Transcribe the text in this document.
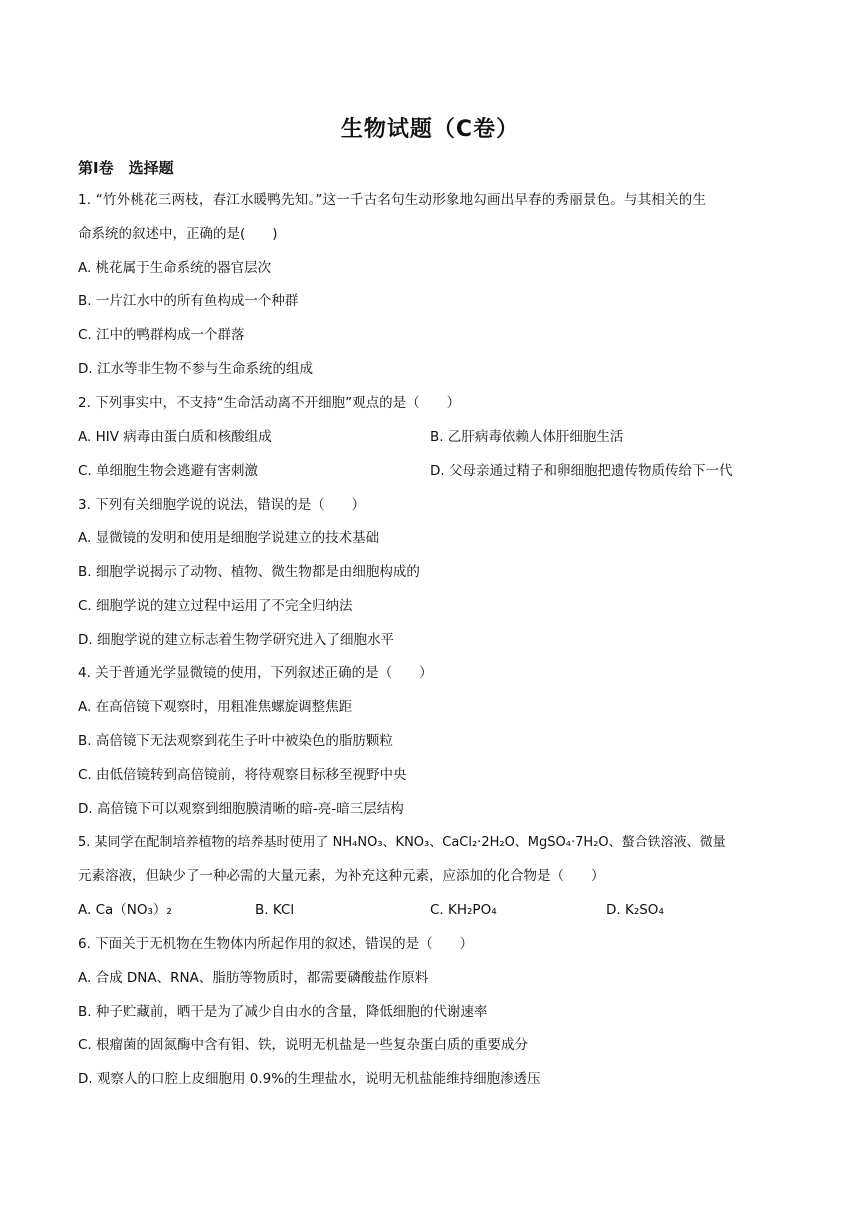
生物试题（C卷）
第Ⅰ卷　选择题
1. “竹外桃花三两枝，春江水暖鸭先知。”这一千古名句生动形象地勾画出早春的秀丽景色。与其相关的生
命系统的叙述中，正确的是(　　)
A. 桃花属于生命系统的器官层次
B. 一片江水中的所有鱼构成一个种群
C. 江中的鸭群构成一个群落
D. 江水等非生物不参与生命系统的组成
2. 下列事实中，不支持“生命活动离不开细胞”观点的是（　　）
A. HIV 病毒由蛋白质和核酸组成	B. 乙肝病毒依赖人体肝细胞生活
C. 单细胞生物会逃避有害刺激	D. 父母亲通过精子和卵细胞把遗传物质传给下一代
3. 下列有关细胞学说的说法，错误的是（　　）
A. 显微镜的发明和使用是细胞学说建立的技术基础
B. 细胞学说揭示了动物、植物、微生物都是由细胞构成的
C. 细胞学说的建立过程中运用了不完全归纳法
D. 细胞学说的建立标志着生物学研究进入了细胞水平
4. 关于普通光学显微镜的使用，下列叙述正确的是（　　）
A. 在高倍镜下观察时，用粗准焦螺旋调整焦距
B. 高倍镜下无法观察到花生子叶中被染色的脂肪颗粒
C. 由低倍镜转到高倍镜前，将待观察目标移至视野中央
D. 高倍镜下可以观察到细胞膜清晰的暗-亮-暗三层结构
5. 某同学在配制培养植物的培养基时使用了 NH₄NO₃、KNO₃、CaCl₂·2H₂O、MgSO₄·7H₂O、螯合铁溶液、微量
元素溶液，但缺少了一种必需的大量元素，为补充这种元素，应添加的化合物是（　　）
A. Ca（NO₃）₂	B. KCl	C. KH₂PO₄	D. K₂SO₄
6. 下面关于无机物在生物体内所起作用的叙述，错误的是（　　）
A. 合成 DNA、RNA、脂肪等物质时，都需要磷酸盐作原料
B. 种子贮藏前，晒干是为了减少自由水的含量，降低细胞的代谢速率
C. 根瘤菌的固氮酶中含有钼、铁，说明无机盐是一些复杂蛋白质的重要成分
D. 观察人的口腔上皮细胞用 0.9%的生理盐水，说明无机盐能维持细胞渗透压
